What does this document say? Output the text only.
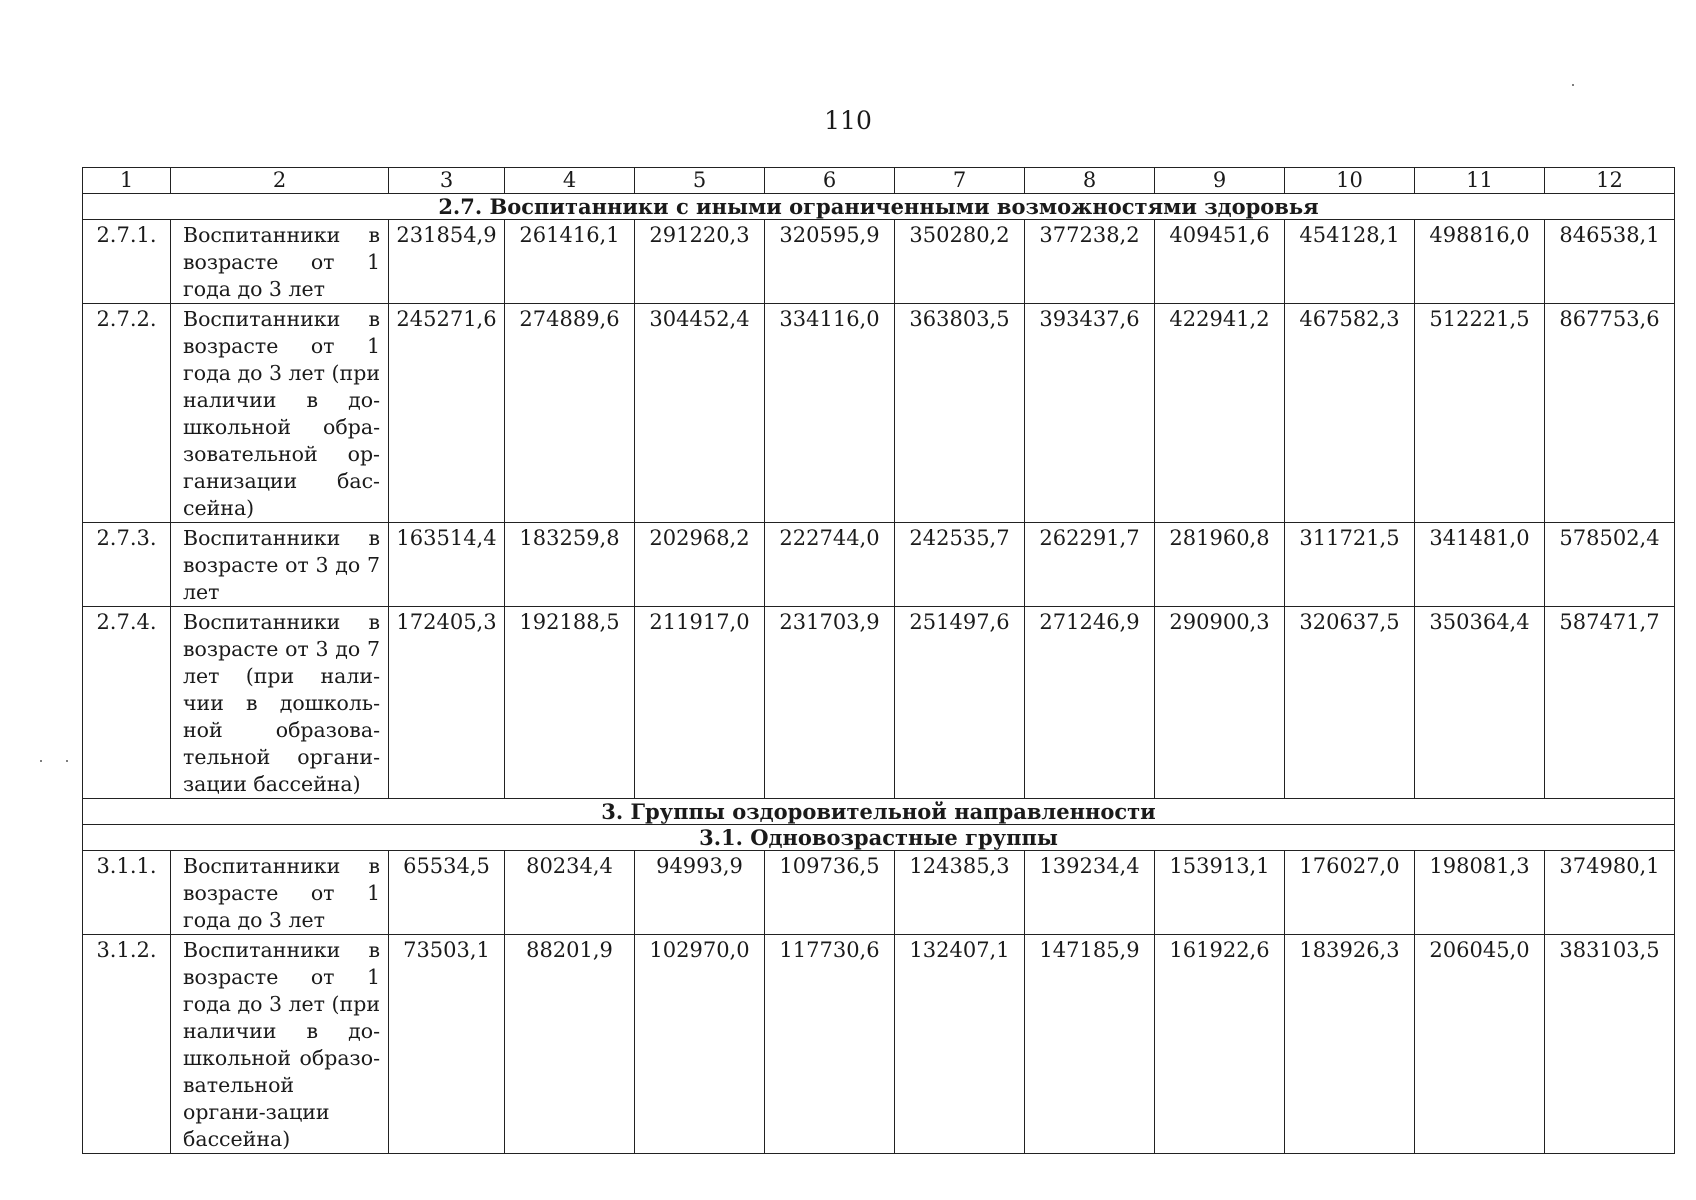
110
1	2	3	4	5	6	7	8	9	10	11	12
2.7. Воспитанники с иными ограниченными возможностями здоровья											
2.7.1.	Воспитанники в возрасте от 1 года до 3 лет	231854,9	261416,1	291220,3	320595,9	350280,2	377238,2	409451,6	454128,1	498816,0	846538,1
2.7.2.	Воспитанники в возрасте от 1 года до 3 лет (при наличии в до-школьной обра-зовательной ор-ганизации бас-сейна)	245271,6	274889,6	304452,4	334116,0	363803,5	393437,6	422941,2	467582,3	512221,5	867753,6
2.7.3.	Воспитанники в возрасте от 3 до 7 лет	163514,4	183259,8	202968,2	222744,0	242535,7	262291,7	281960,8	311721,5	341481,0	578502,4
2.7.4.	Воспитанники в возрасте от 3 до 7 лет (при нали-чии в дошколь-ной образова-тельной органи-зации бассейна)	172405,3	192188,5	211917,0	231703,9	251497,6	271246,9	290900,3	320637,5	350364,4	587471,7
3. Группы оздоровительной направленности											
3.1. Одновозрастные группы											
3.1.1.	Воспитанники в возрасте от 1 года до 3 лет	65534,5	80234,4	94993,9	109736,5	124385,3	139234,4	153913,1	176027,0	198081,3	374980,1
3.1.2.	Воспитанники в возрасте от 1 года до 3 лет (при наличии в до-школьной образо-вательной органи-зации бассейна)	73503,1	88201,9	102970,0	117730,6	132407,1	147185,9	161922,6	183926,3	206045,0	383103,5
